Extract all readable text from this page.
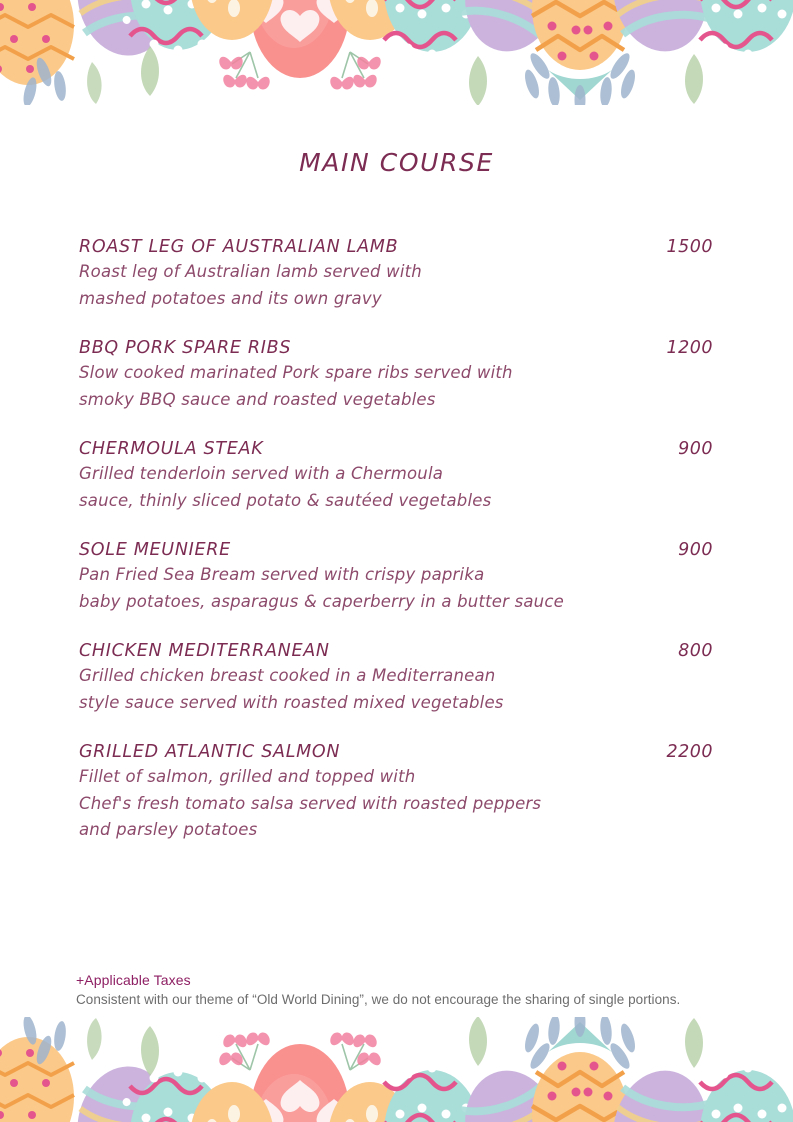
MAIN COURSE
ROAST LEG OF AUSTRALIAN LAMB	1500
Roast leg of Australian lamb served with
mashed potatoes and its own gravy
BBQ PORK SPARE RIBS	1200
Slow cooked marinated Pork spare ribs served with
smoky BBQ sauce and roasted vegetables
CHERMOULA STEAK	900
Grilled tenderloin served with a Chermoula
sauce, thinly sliced potato & sautéed vegetables
SOLE MEUNIERE	900
Pan Fried Sea Bream served with crispy paprika
baby potatoes, asparagus & caperberry in a butter sauce
CHICKEN MEDITERRANEAN	800
Grilled chicken breast cooked in a Mediterranean
style sauce served with roasted mixed vegetables
GRILLED ATLANTIC SALMON	2200
Fillet of salmon, grilled and topped with
Chef's fresh tomato salsa served with roasted peppers
and parsley potatoes
+Applicable Taxes
Consistent with our theme of “Old World Dining”, we do not encourage the sharing of single portions.
